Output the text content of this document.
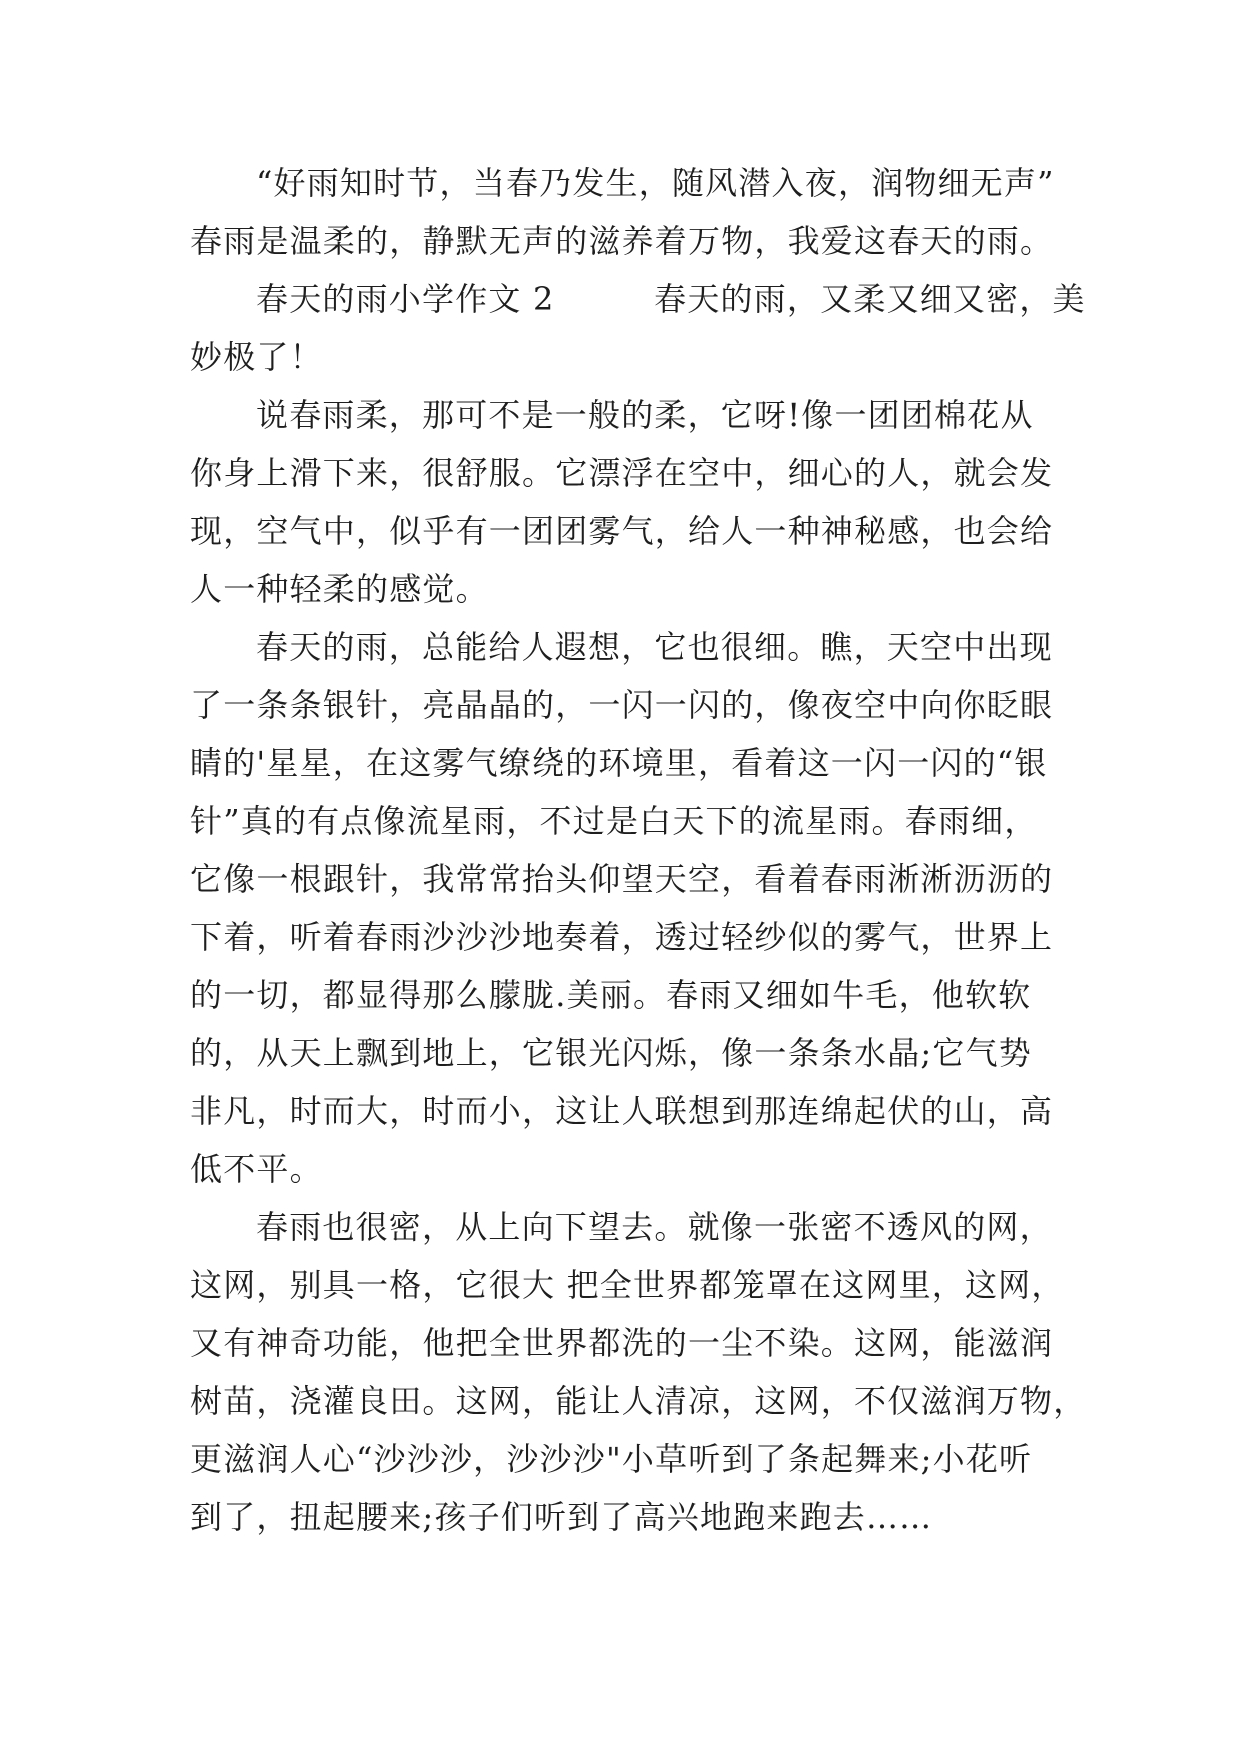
“好雨知时节，当春乃发生，随风潜入夜，润物细无声”
春雨是温柔的，静默无声的滋养着万物，我爱这春天的雨。
春天的雨小学作文 2　　　春天的雨，又柔又细又密，美
妙极了！
说春雨柔，那可不是一般的柔，它呀!像一团团棉花从
你身上滑下来，很舒服。它漂浮在空中，细心的人，就会发
现，空气中，似乎有一团团雾气，给人一种神秘感，也会给
人一种轻柔的感觉。
春天的雨，总能给人遐想，它也很细。瞧，天空中出现
了一条条银针，亮晶晶的，一闪一闪的，像夜空中向你眨眼
睛的'星星，在这雾气缭绕的环境里，看着这一闪一闪的“银
针”真的有点像流星雨，不过是白天下的流星雨。春雨细，
它像一根跟针，我常常抬头仰望天空，看着春雨淅淅沥沥的
下着，听着春雨沙沙沙地奏着，透过轻纱似的雾气，世界上
的一切，都显得那么朦胧.美丽。春雨又细如牛毛，他软软
的，从天上飘到地上，它银光闪烁，像一条条水晶;它气势
非凡，时而大，时而小，这让人联想到那连绵起伏的山，高
低不平。
春雨也很密，从上向下望去。就像一张密不透风的网，
这网，别具一格，它很大 把全世界都笼罩在这网里，这网，
又有神奇功能，他把全世界都洗的一尘不染。这网，能滋润
树苗，浇灌良田。这网，能让人清凉，这网，不仅滋润万物，
更滋润人心“沙沙沙，沙沙沙"小草听到了条起舞来;小花听
到了，扭起腰来;孩子们听到了高兴地跑来跑去……
